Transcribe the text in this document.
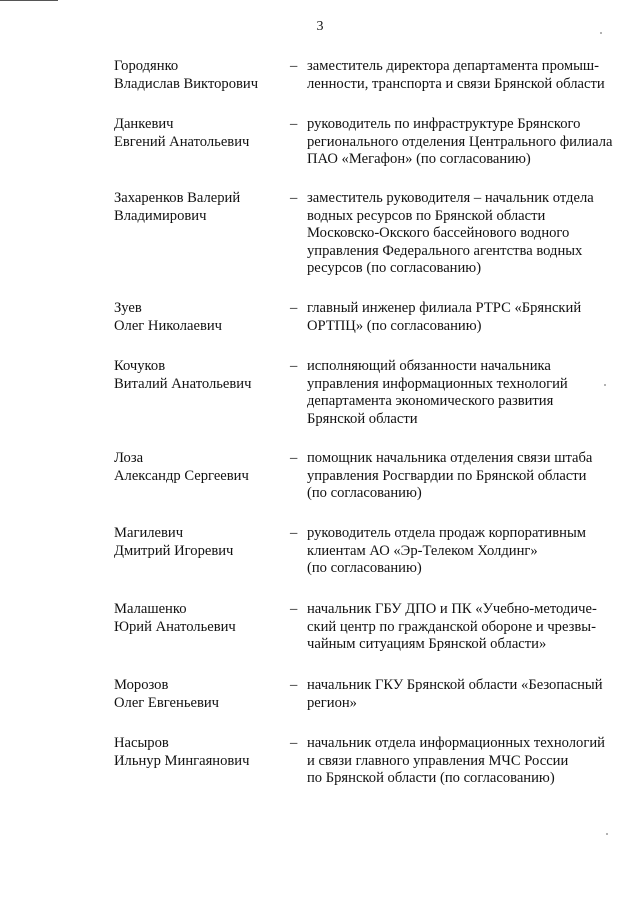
3
Городянко
Владислав Викторович
– заместитель директора департамента промыш-
ленности, транспорта и связи Брянской области
Данкевич
Евгений Анатольевич
– руководитель по инфраструктуре Брянского
регионального отделения Центрального филиала
ПАО «Мегафон» (по согласованию)
Захаренков Валерий
Владимирович
– заместитель руководителя – начальник отдела
водных ресурсов по Брянской области
Московско-Окского бассейнового водного
управления Федерального агентства водных
ресурсов (по согласованию)
Зуев
Олег Николаевич
– главный инженер филиала РТРС «Брянский
ОРТПЦ» (по согласованию)
Кочуков
Виталий Анатольевич
– исполняющий обязанности начальника
управления информационных технологий
департамента экономического развития
Брянской области
Лоза
Александр Сергеевич
– помощник начальника отделения связи штаба
управления Росгвардии по Брянской области
(по согласованию)
Магилевич
Дмитрий Игоревич
– руководитель отдела продаж корпоративным
клиентам АО «Эр-Телеком Холдинг»
(по согласованию)
Малашенко
Юрий Анатольевич
– начальник ГБУ ДПО и ПК «Учебно-методиче-
ский центр по гражданской обороне и чрезвы-
чайным ситуациям Брянской области»
Морозов
Олег Евгеньевич
– начальник ГКУ Брянской области «Безопасный
регион»
Насыров
Ильнур Мингаянович
– начальник отдела информационных технологий
и связи главного управления МЧС России
по Брянской области (по согласованию)
